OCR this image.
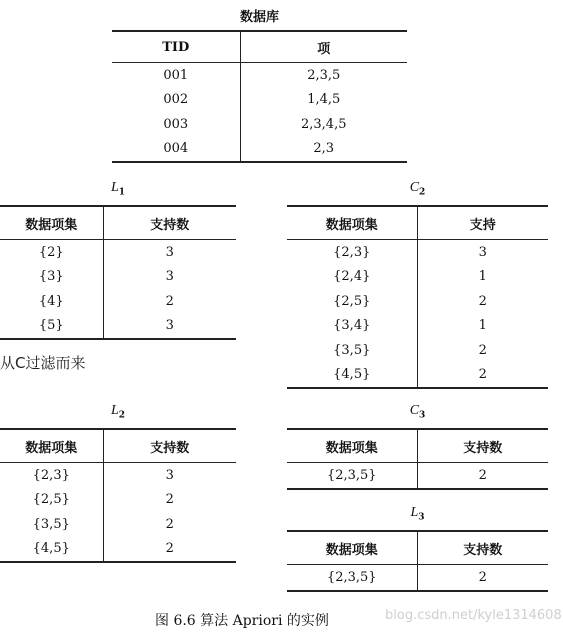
数据库
TID	项
001	2,3,5
002	1,4,5
003	2,3,4,5
004	2,3
$L_1$
数据项集	支持数
{2}	3
{3}	3
{4}	2
{5}	3
$C_2$
数据项集	支持
{2,3}	3
{2,4}	1
{2,5}	2
{3,4}	1
{3,5}	2
{4,5}	2
从C过滤而来
$L_2$
数据项集	支持数
{2,3}	3
{2,5}	2
{3,5}	2
{4,5}	2
$C_3$
数据项集	支持数
{2,3,5}	2
$L_3$
数据项集	支持数
{2,3,5}	2
图 6.6 算法 Apriori 的实例	blog.csdn.net/kyle1314608
